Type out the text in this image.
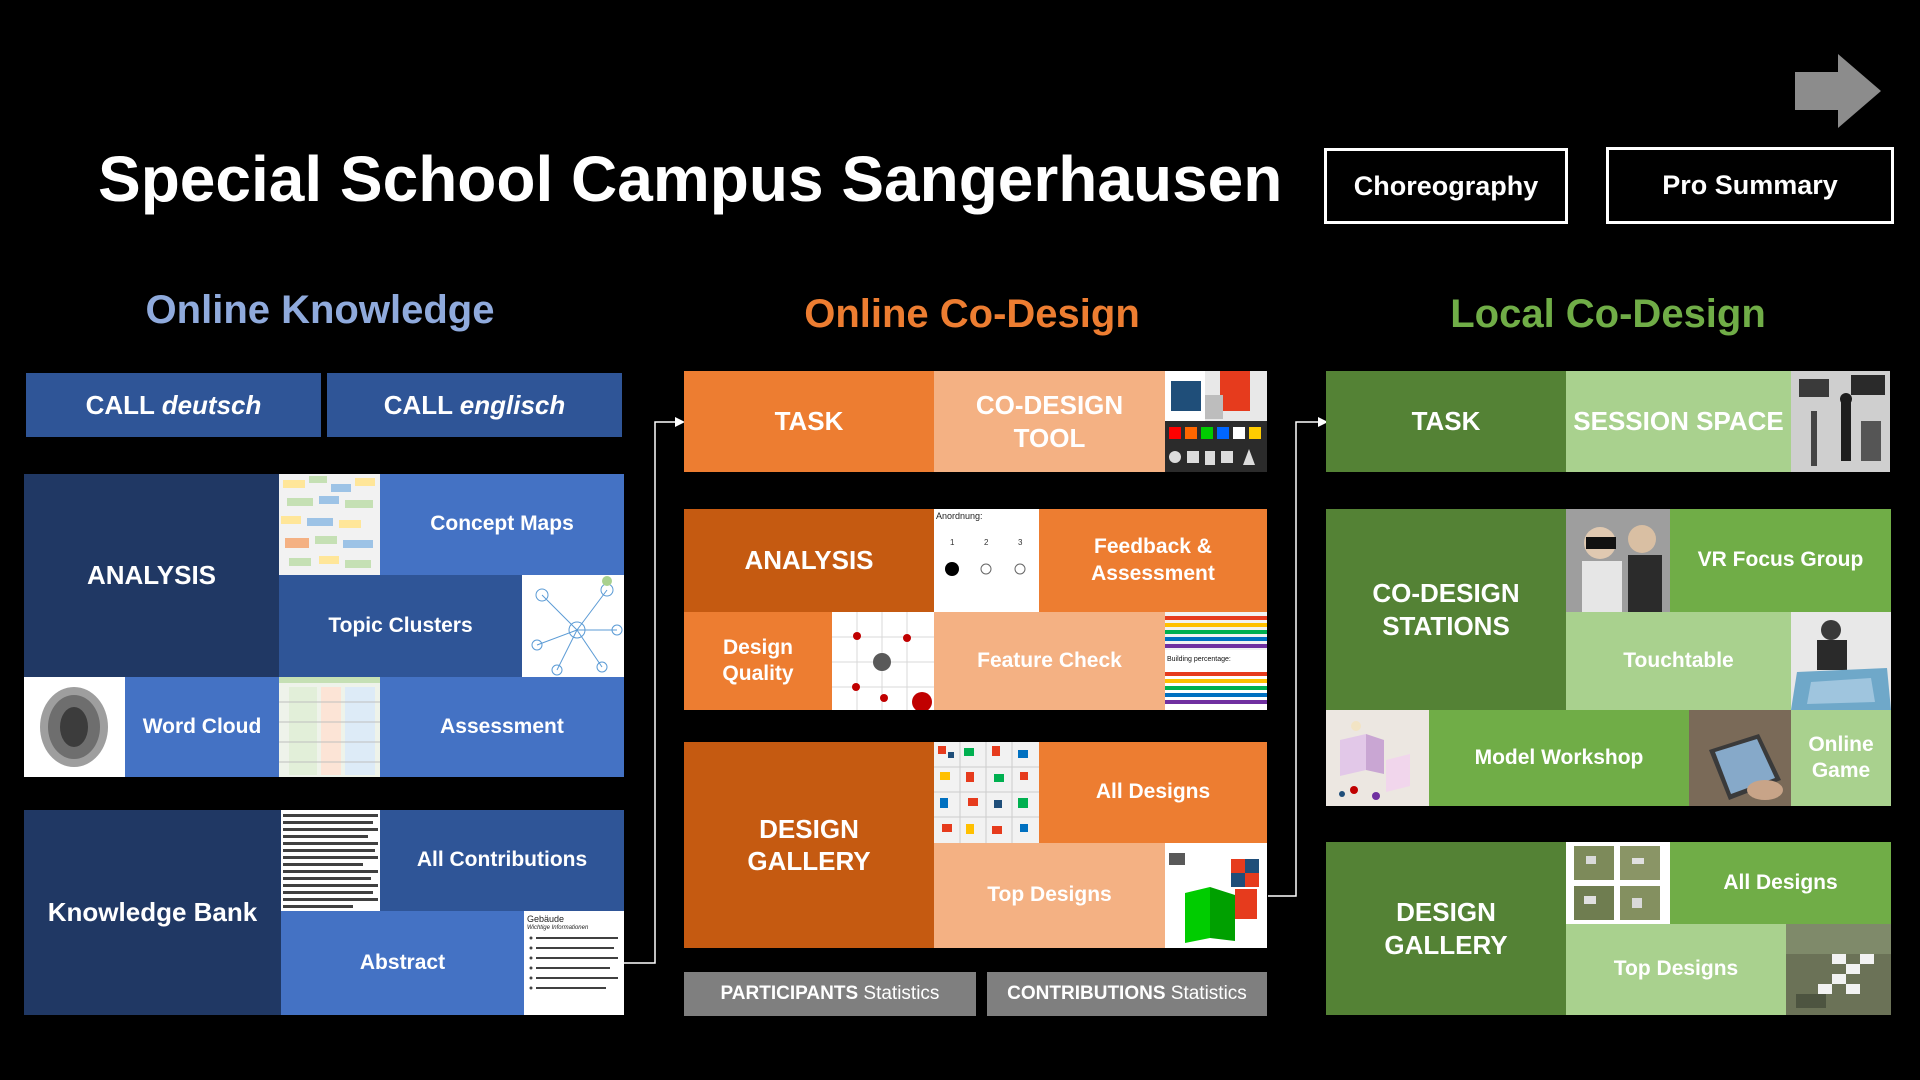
Special School Campus Sangerhausen	Choreography	Pro Summary
Online Knowledge	Online Co-Design	Local Co-Design
CALL deutsch	CALL englisch
ANALYSIS
Concept Maps
Topic Clusters
Word Cloud	Assessment
Knowledge Bank
All Contributions
Abstract
Gebäude
Wichtige Informationen
TASK
CO-DESIGN
TOOL
ANALYSIS
Anordnung:
1	2	3	Feedback &
Assessment
Design
Quality
Feature Check	Building percentage:
DESIGN
GALLERY
All Designs
Top Designs
PARTICIPANTS Statistics	CONTRIBUTIONS Statistics
TASK	SESSION SPACE
CO-DESIGN
STATIONS
VR Focus Group
Touchtable
Model Workshop
Online
Game
DESIGN
GALLERY
All Designs
Top Designs
